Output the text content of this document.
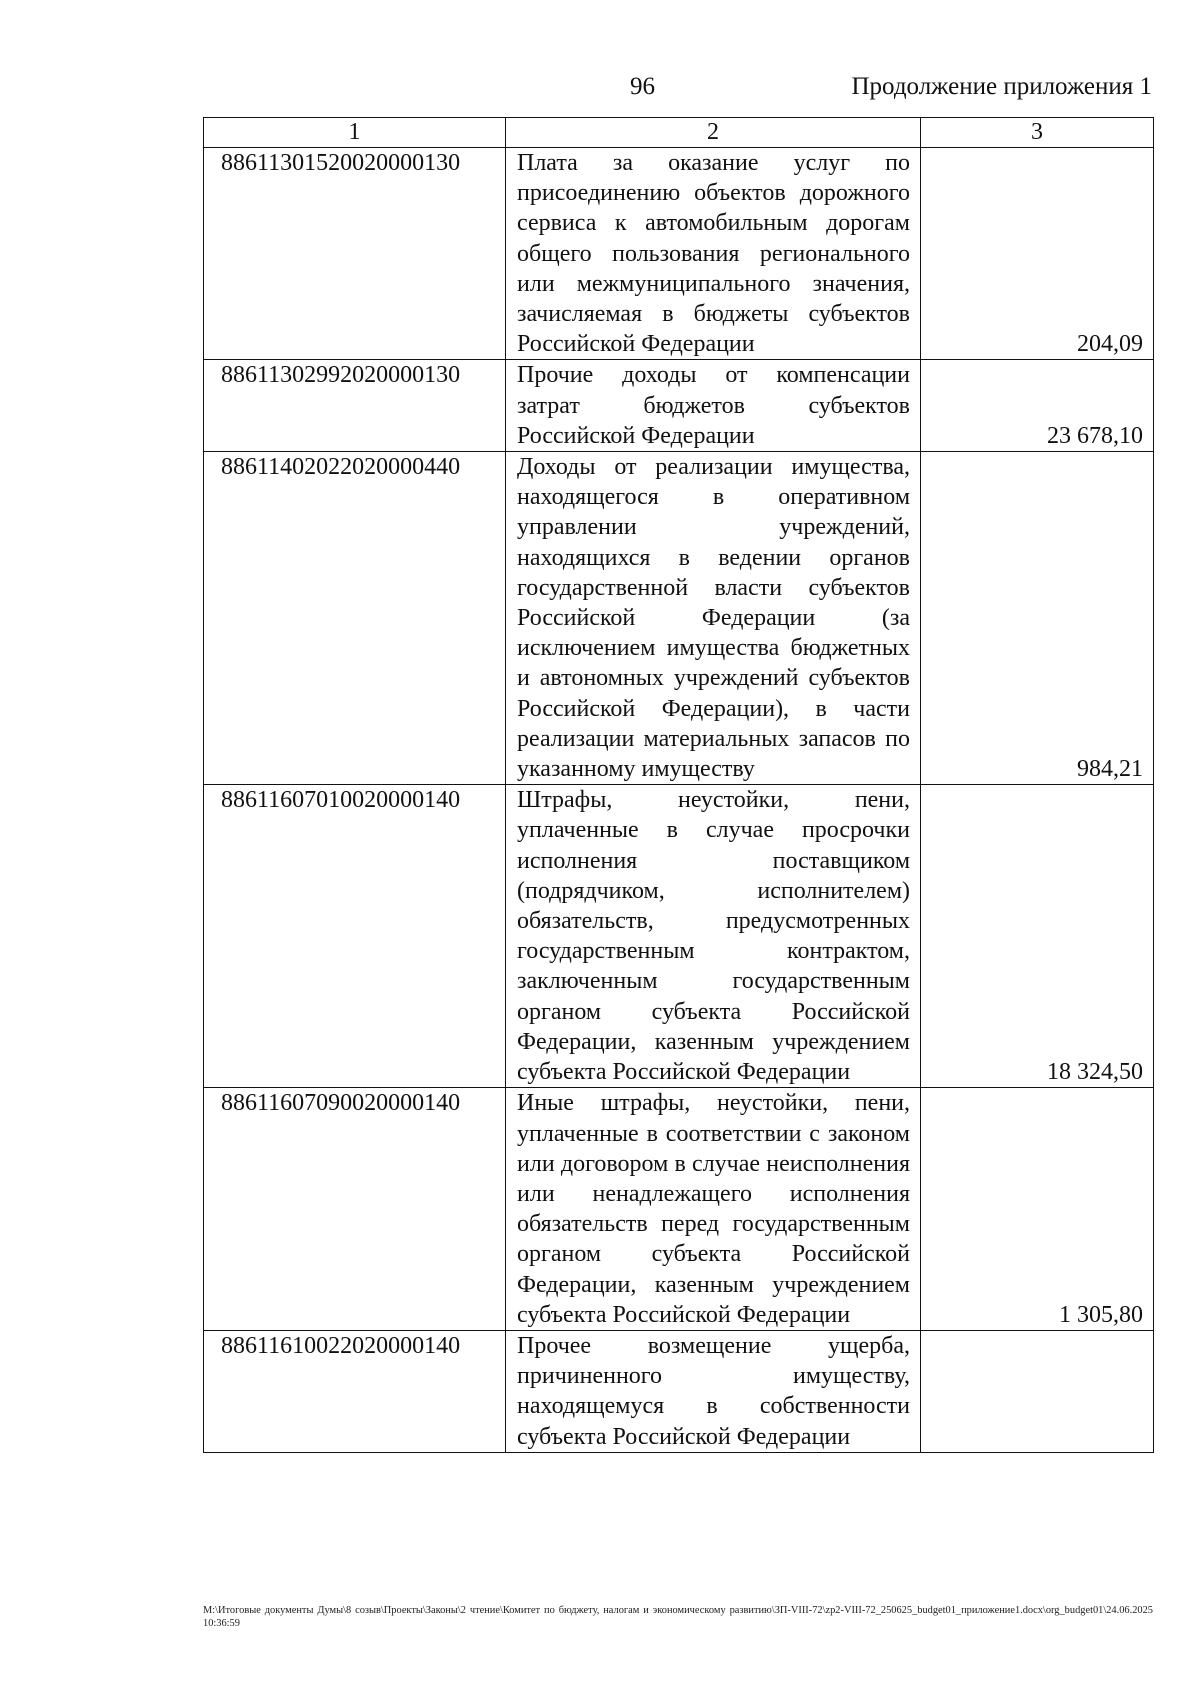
96	Продолжение приложения 1
1	2	3
88611301520020000130	Плата за оказание услуг по присоединению объектов дорожного сервиса к автомобильным дорогам общего пользования регионального или межмуниципального значения, зачисляемая в бюджеты субъектов Российской Федерации	204,09
88611302992020000130	Прочие доходы от компенсации затрат бюджетов субъектов Российской Федерации	23 678,10
88611402022020000440	Доходы от реализации имущества, находящегося в оперативном управлении учреждений, находящихся в ведении органов государственной власти субъектов Российской Федерации (за исключением имущества бюджетных и автономных учреждений субъектов Российской Федерации), в части реализации материальных запасов по указанному имуществу	984,21
88611607010020000140	Штрафы, неустойки, пени, уплаченные в случае просрочки исполнения поставщиком (подрядчиком, исполнителем) обязательств, предусмотренных государственным контрактом, заключенным государственным органом субъекта Российской Федерации, казенным учреждением субъекта Российской Федерации	18 324,50
88611607090020000140	Иные штрафы, неустойки, пени, уплаченные в соответствии с законом или договором в случае неисполнения или ненадлежащего исполнения обязательств перед государственным органом субъекта Российской Федерации, казенным учреждением субъекта Российской Федерации	1 305,80
88611610022020000140	Прочее возмещение ущерба, причиненного имуществу, находящемуся в собственности субъекта Российской Федерации	
M:\Итоговые документы Думы\8 созыв\Проекты\Законы\2 чтение\Комитет по бюджету, налогам и экономическому развитию\ЗП-VIII-72\zp2-VIII-72_250625_budget01_приложение1.docx\org_budget01\24.06.2025 10:36:59
